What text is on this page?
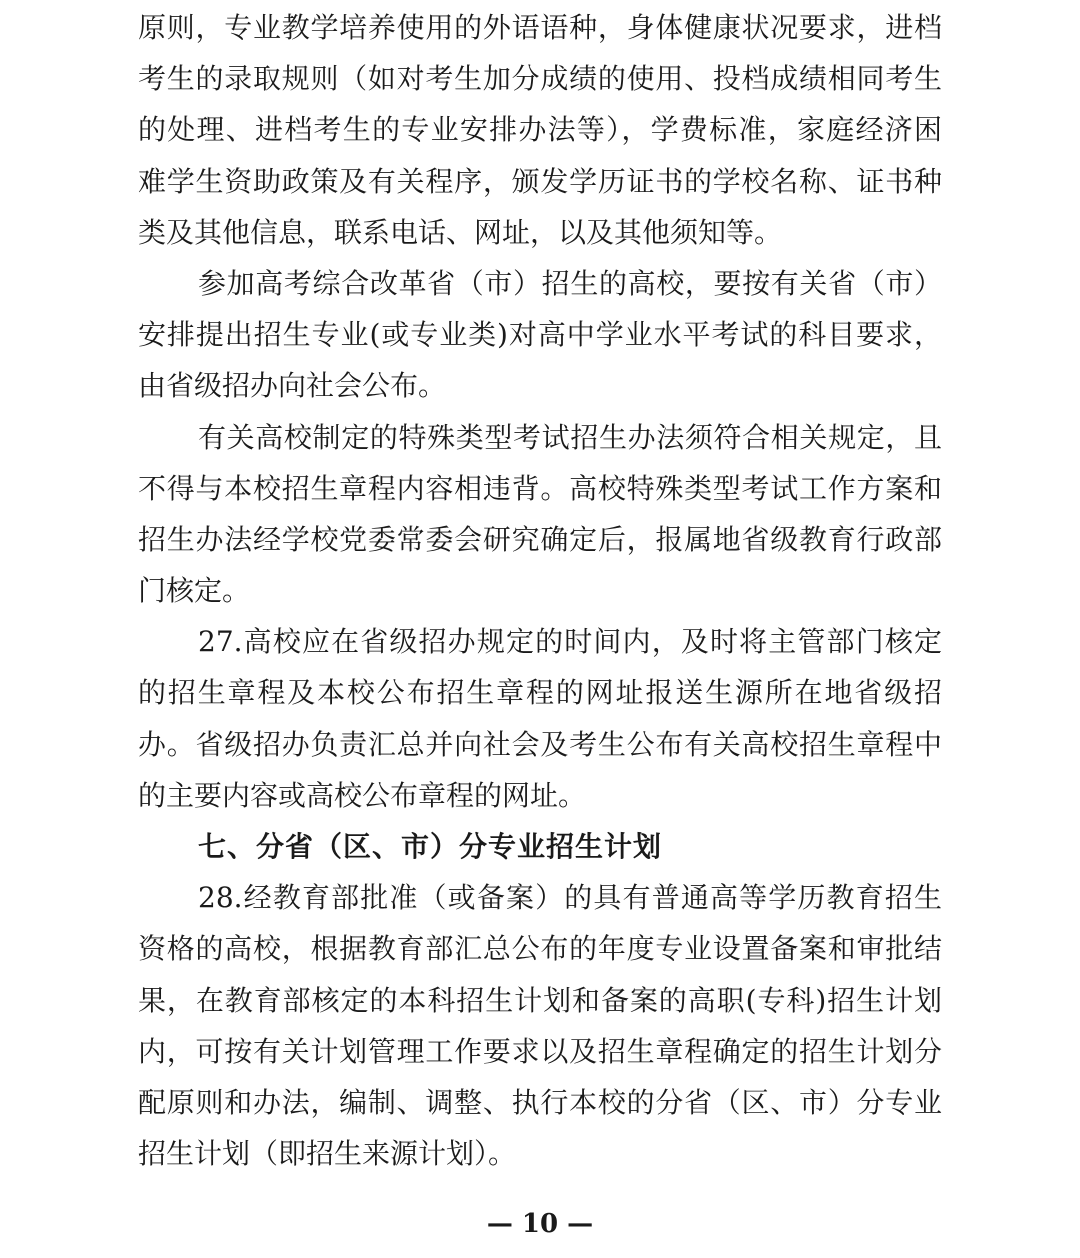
原则，专业教学培养使用的外语语种，身体健康状况要求，进档
考生的录取规则（如对考生加分成绩的使用、投档成绩相同考生
的处理、进档考生的专业安排办法等），学费标准，家庭经济困
难学生资助政策及有关程序，颁发学历证书的学校名称、证书种
类及其他信息，联系电话、网址，以及其他须知等。
参加高考综合改革省（市）招生的高校，要按有关省（市）
安排提出招生专业(或专业类)对高中学业水平考试的科目要求，
由省级招办向社会公布。
有关高校制定的特殊类型考试招生办法须符合相关规定，且
不得与本校招生章程内容相违背。高校特殊类型考试工作方案和
招生办法经学校党委常委会研究确定后，报属地省级教育行政部
门核定。
27.高校应在省级招办规定的时间内，及时将主管部门核定
的招生章程及本校公布招生章程的网址报送生源所在地省级招
办。省级招办负责汇总并向社会及考生公布有关高校招生章程中
的主要内容或高校公布章程的网址。
七、分省（区、市）分专业招生计划
28.经教育部批准（或备案）的具有普通高等学历教育招生
资格的高校，根据教育部汇总公布的年度专业设置备案和审批结
果，在教育部核定的本科招生计划和备案的高职(专科)招生计划
内，可按有关计划管理工作要求以及招生章程确定的招生计划分
配原则和办法，编制、调整、执行本校的分省（区、市）分专业
招生计划（即招生来源计划）。
— 10 —
